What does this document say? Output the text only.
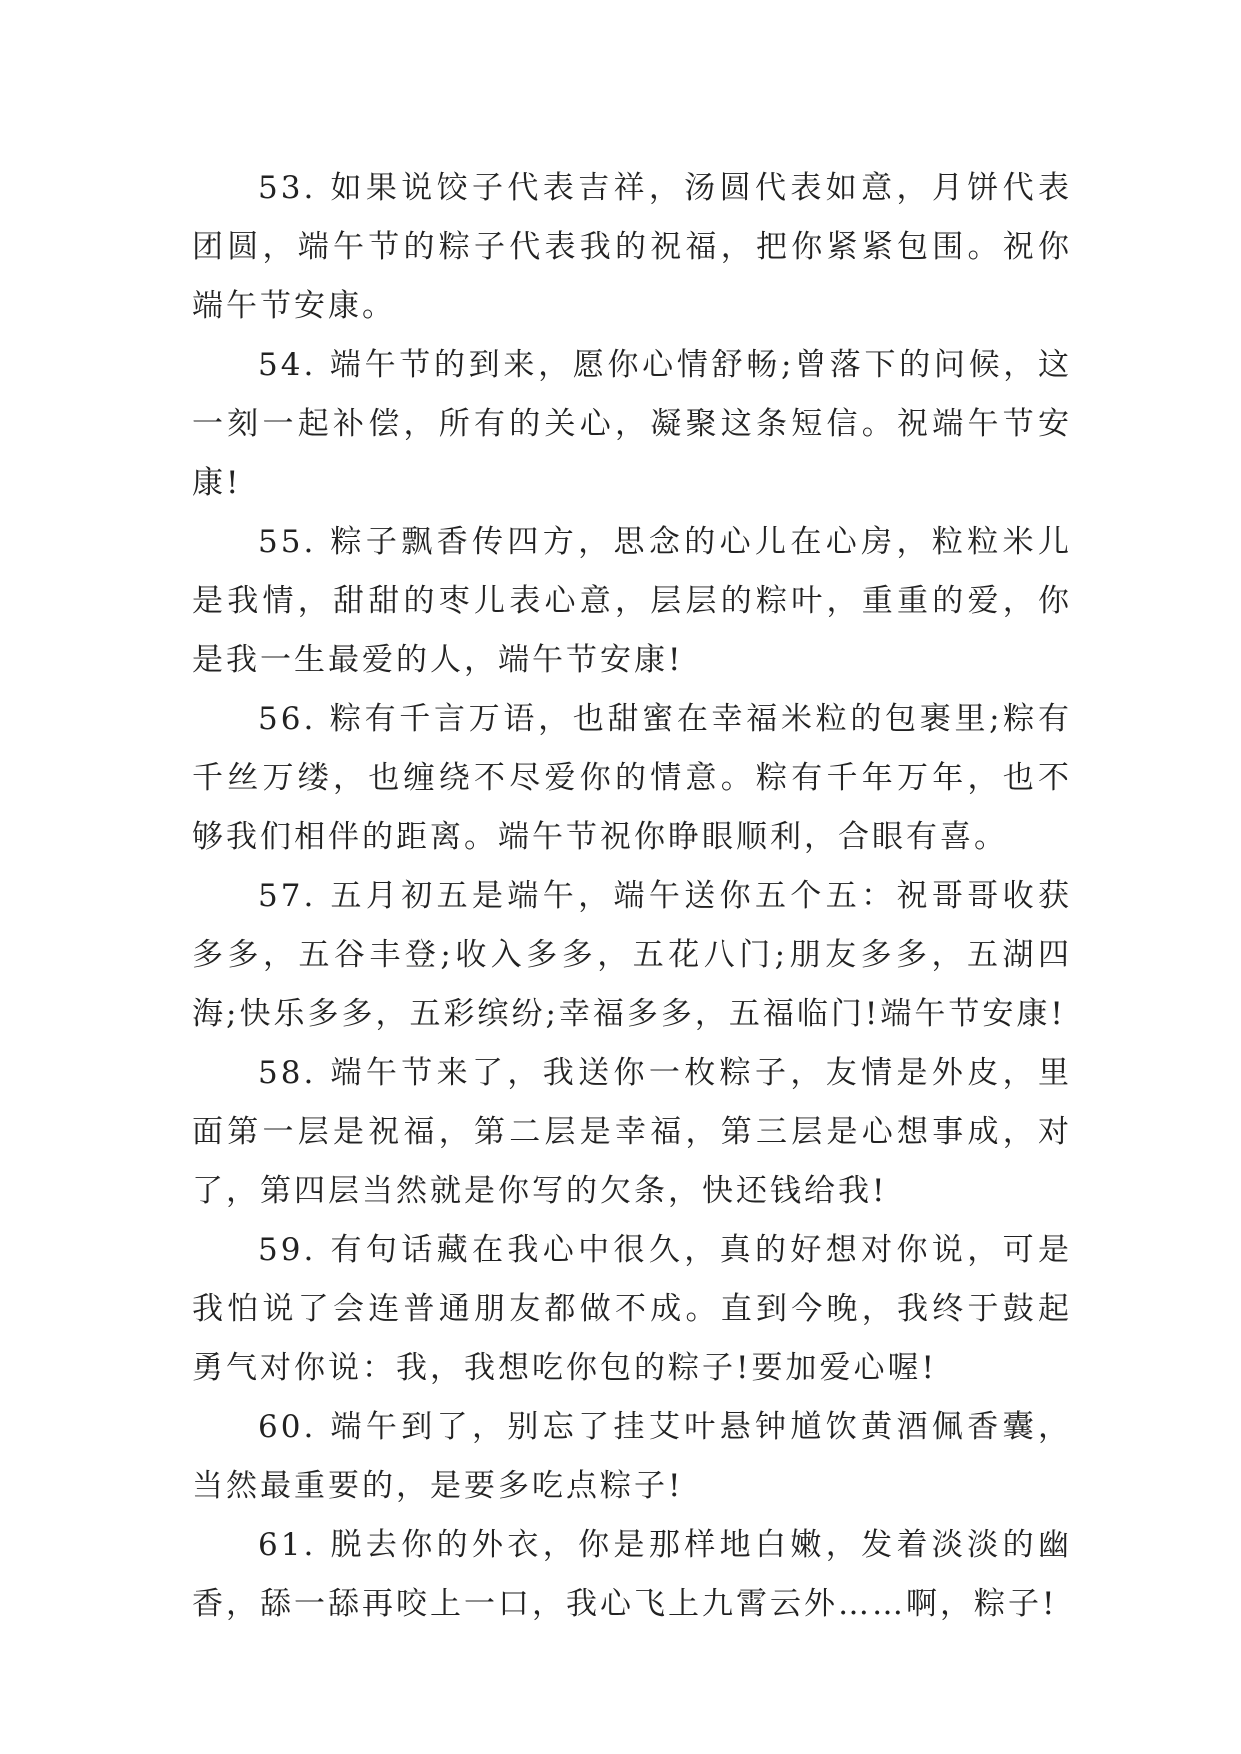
53. 如果说饺子代表吉祥，汤圆代表如意，月饼代表团圆，端午节的粽子代表我的祝福，把你紧紧包围。祝你端午节安康。

54. 端午节的到来，愿你心情舒畅;曾落下的问候，这一刻一起补偿，所有的关心，凝聚这条短信。祝端午节安康!

55. 粽子飘香传四方，思念的心儿在心房，粒粒米儿是我情，甜甜的枣儿表心意，层层的粽叶，重重的爱，你是我一生最爱的人，端午节安康!

56. 粽有千言万语，也甜蜜在幸福米粒的包裹里;粽有千丝万缕，也缠绕不尽爱你的情意。粽有千年万年，也不够我们相伴的距离。端午节祝你睁眼顺利，合眼有喜。

57. 五月初五是端午，端午送你五个五：祝哥哥收获多多，五谷丰登;收入多多，五花八门;朋友多多，五湖四海;快乐多多，五彩缤纷;幸福多多，五福临门!端午节安康!

58. 端午节来了，我送你一枚粽子，友情是外皮，里面第一层是祝福，第二层是幸福，第三层是心想事成，对了，第四层当然就是你写的欠条，快还钱给我!

59. 有句话藏在我心中很久，真的好想对你说，可是我怕说了会连普通朋友都做不成。直到今晚，我终于鼓起勇气对你说：我，我想吃你包的粽子!要加爱心喔!

60. 端午到了，别忘了挂艾叶悬钟馗饮黄酒佩香囊，当然最重要的，是要多吃点粽子!

61. 脱去你的外衣，你是那样地白嫩，发着淡淡的幽香，舔一舔再咬上一口，我心飞上九霄云外……啊，粽子!
